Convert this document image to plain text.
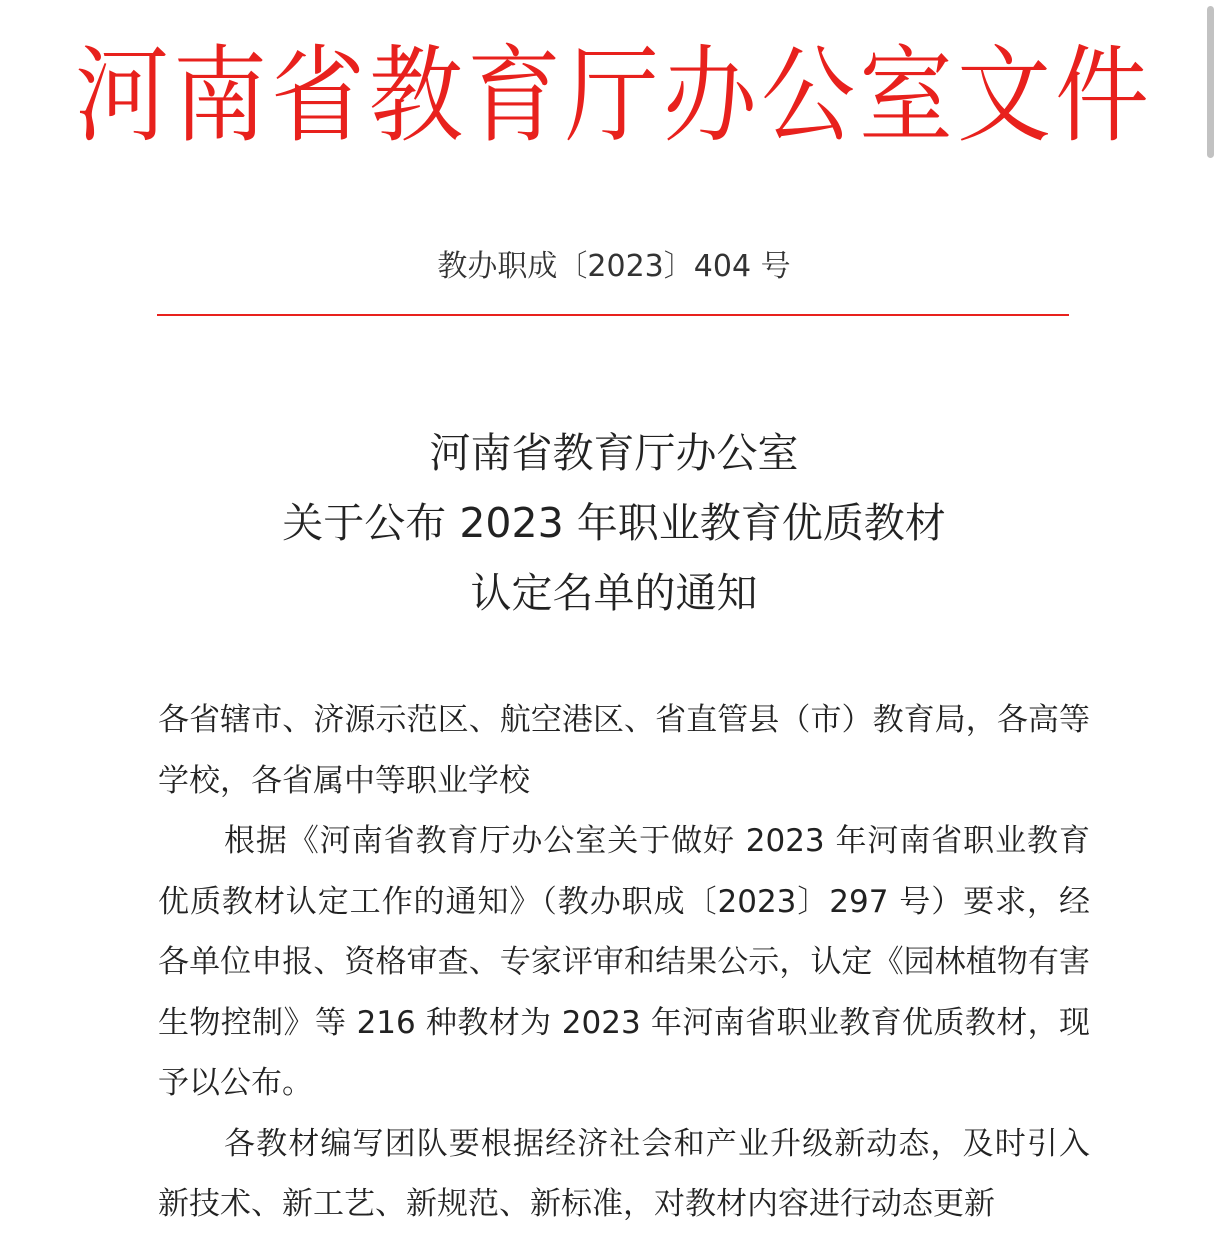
河南省教育厅办公室文件
教办职成〔2023〕404 号
河南省教育厅办公室
关于公布 2023 年职业教育优质教材
认定名单的通知

各省辖市、济源示范区、航空港区、省直管县（市）教育局，各高等学校，各省属中等职业学校

根据《河南省教育厅办公室关于做好 2023 年河南省职业教育优质教材认定工作的通知》（教办职成〔2023〕297 号）要求，经各单位申报、资格审查、专家评审和结果公示，认定《园林植物有害生物控制》等 216 种教材为 2023 年河南省职业教育优质教材，现予以公布。

各教材编写团队要根据经济社会和产业升级新动态，及时引入新技术、新工艺、新规范、新标准，对教材内容进行动态更新
